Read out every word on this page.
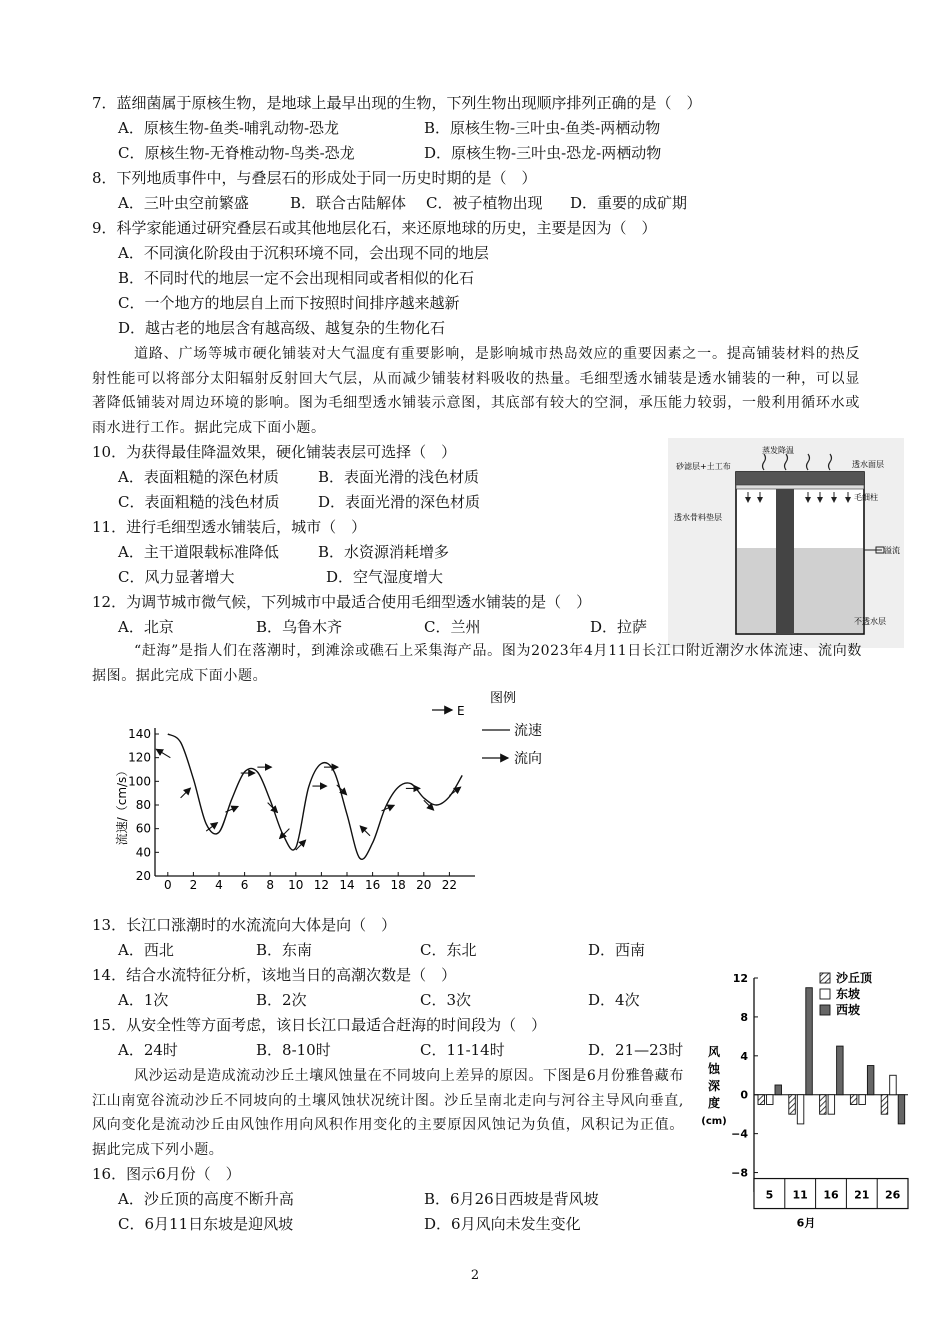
7．蓝细菌属于原核生物，是地球上最早出现的生物，下列生物出现顺序排列正确的是（　）
A．原核生物-鱼类-哺乳动物-恐龙	B．原核生物-三叶虫-鱼类-两栖动物
C．原核生物-无脊椎动物-鸟类-恐龙	D．原核生物-三叶虫-恐龙-两栖动物
8．下列地质事件中，与叠层石的形成处于同一历史时期的是（　）
A．三叶虫空前繁盛	B．联合古陆解体 C．被子植物出现 D．重要的成矿期
9．科学家能通过研究叠层石或其他地层化石，来还原地球的历史，主要是因为（　）
A．不同演化阶段由于沉积环境不同，会出现不同的地层
B．不同时代的地层一定不会出现相同或者相似的化石
C．一个地方的地层自上而下按照时间排序越来越新
D．越古老的地层含有越高级、越复杂的生物化石
道路、广场等城市硬化铺装对大气温度有重要影响，是影响城市热岛效应的重要因素之一。提高铺装材料的热反射性能可以将部分太阳辐射反射回大气层，从而减少铺装材料吸收的热量。毛细型透水铺装是透水铺装的一种，可以显著降低铺装对周边环境的影响。图为毛细型透水铺装示意图，其底部有较大的空洞，承压能力较弱，一般利用循环水或雨水进行工作。据此完成下面小题。
10．为获得最佳降温效果，硬化铺装表层可选择（　）
A．表面粗糙的深色材质	B．表面光滑的浅色材质
C．表面粗糙的浅色材质	D．表面光滑的深色材质
11．进行毛细型透水铺装后，城市（　）
A．主干道限载标准降低	B．水资源消耗增多
C．风力显著增大	D．空气湿度增大
12．为调节城市微气候，下列城市中最适合使用毛细型透水铺装的是（　）
A．北京	B．乌鲁木齐	C．兰州	D．拉萨
蒸发降温
砂滤层+土工布	透水面层
透水骨料垫层
毛细柱
溢流
不透水层
“赶海”是指人们在落潮时，到滩涂或礁石上采集海产品。图为2023年4月11日长江口附近潮汐水体流速、流向数据图。据此完成下面小题。
20
40
60
80
100
120
140
0 2 4 6 8 10 12 14 16 18 20 22
流速/（cm/s）
图例
E
流速
流向
13．长江口涨潮时的水流流向大体是向（　）
A．西北	B．东南	C．东北	D．西南
14．结合水流特征分析，该地当日的高潮次数是（　）
A．1次	B．2次	C．3次	D．4次
15．从安全性等方面考虑，该日长江口最适合赶海的时间段为（　）
A．24时	B．8-10时	C．11-14时	D．21—23时
风沙运动是造成流动沙丘土壤风蚀量在不同坡向上差异的原因。下图是6月份雅鲁藏布江山南宽谷流动沙丘不同坡向的土壤风蚀状况统计图。沙丘呈南北走向与河谷主导风向垂直,风向变化是流动沙丘由风蚀作用向风积作用变化的主要原因风蚀记为负值，风积记为正值。据此完成下列小题。
16．图示6月份（　）
A．沙丘顶的高度不断升高	B．6月26日西坡是背风坡
C．6月11日东坡是迎风坡	D．6月风向未发生变化
−8
−4
0
4
8
12
5 11 16 21 26
6月
风
蚀
深
度
(cm)
沙丘顶
东坡
西坡
2
